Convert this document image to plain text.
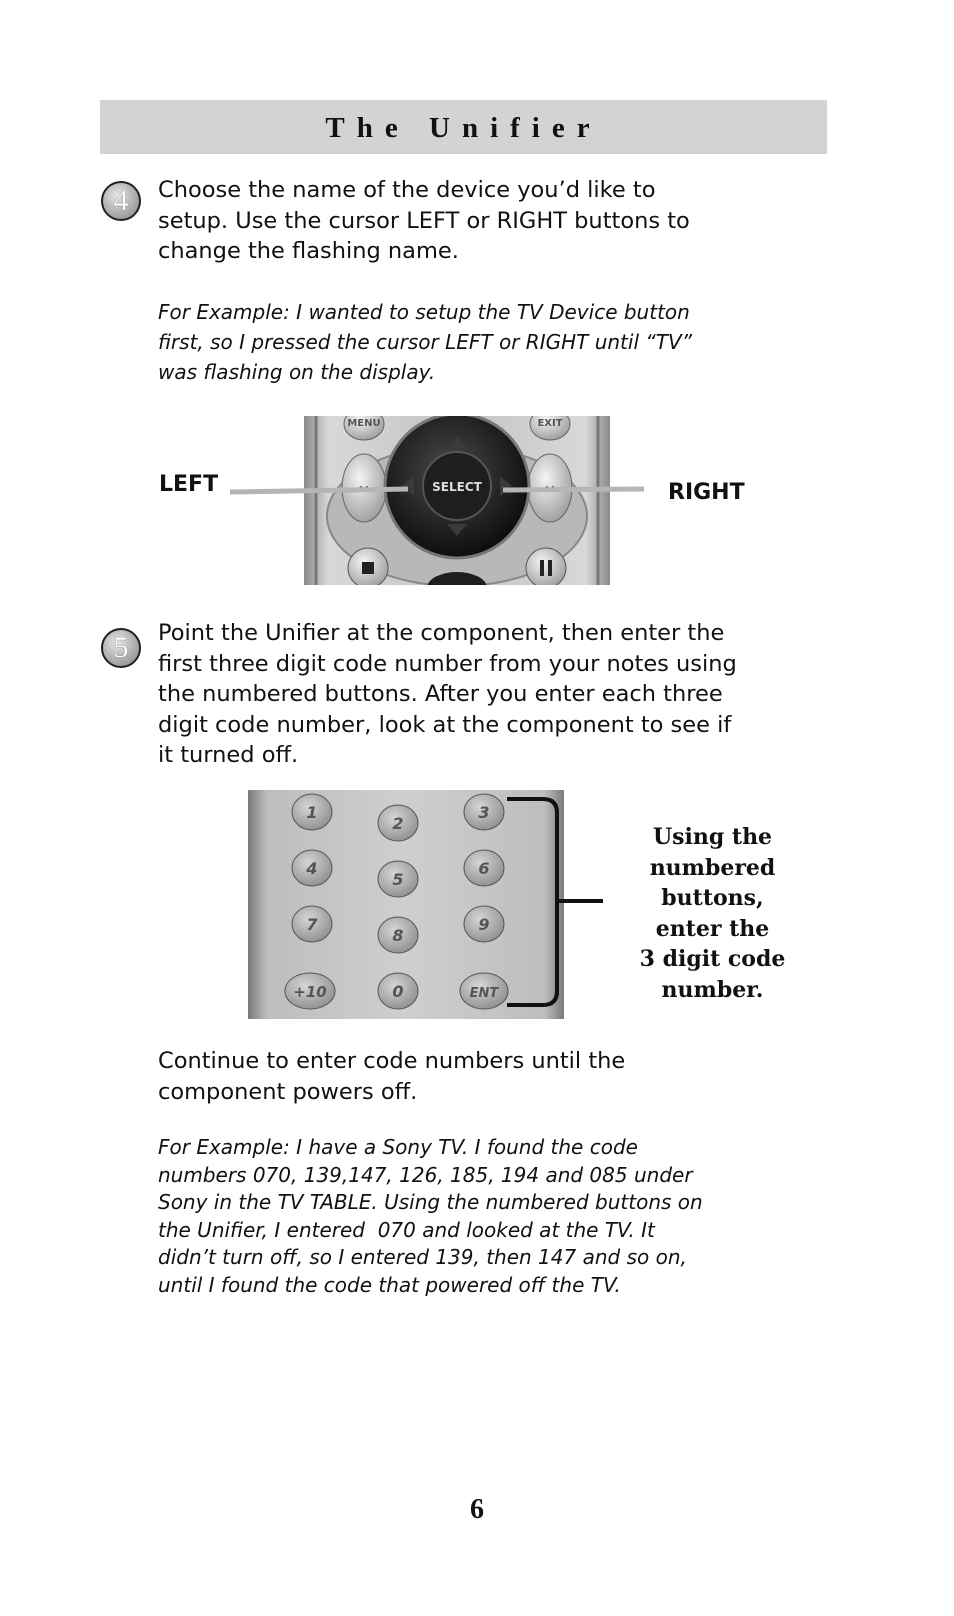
The Unifier
4	Choose the name of the device you’d like to
setup. Use the cursor LEFT or RIGHT buttons to
change the flashing name.
For Example: I wanted to setup the TV Device button
first, so I pressed the cursor LEFT or RIGHT until “TV”
was flashing on the display.
MENU	EXIT
SELECT
LEFT	RIGHT
5	Point the Unifier at the component, then enter the
first three digit code number from your notes using
the numbered buttons. After you enter each three
digit code number, look at the component to see if
it turned off.
1
2
3
4
5
6
7
8
9
+10	0	ENT
Using the
numbered
buttons,
enter the
3 digit code
number.
Continue to enter code numbers until the
component powers off.
For Example: I have a Sony TV. I found the code
numbers 070, 139,147, 126, 185, 194 and 085 under
Sony in the TV TABLE. Using the numbered buttons on
the Unifier, I entered  070 and looked at the TV. It
didn’t turn off, so I entered 139, then 147 and so on,
until I found the code that powered off the TV.
6
